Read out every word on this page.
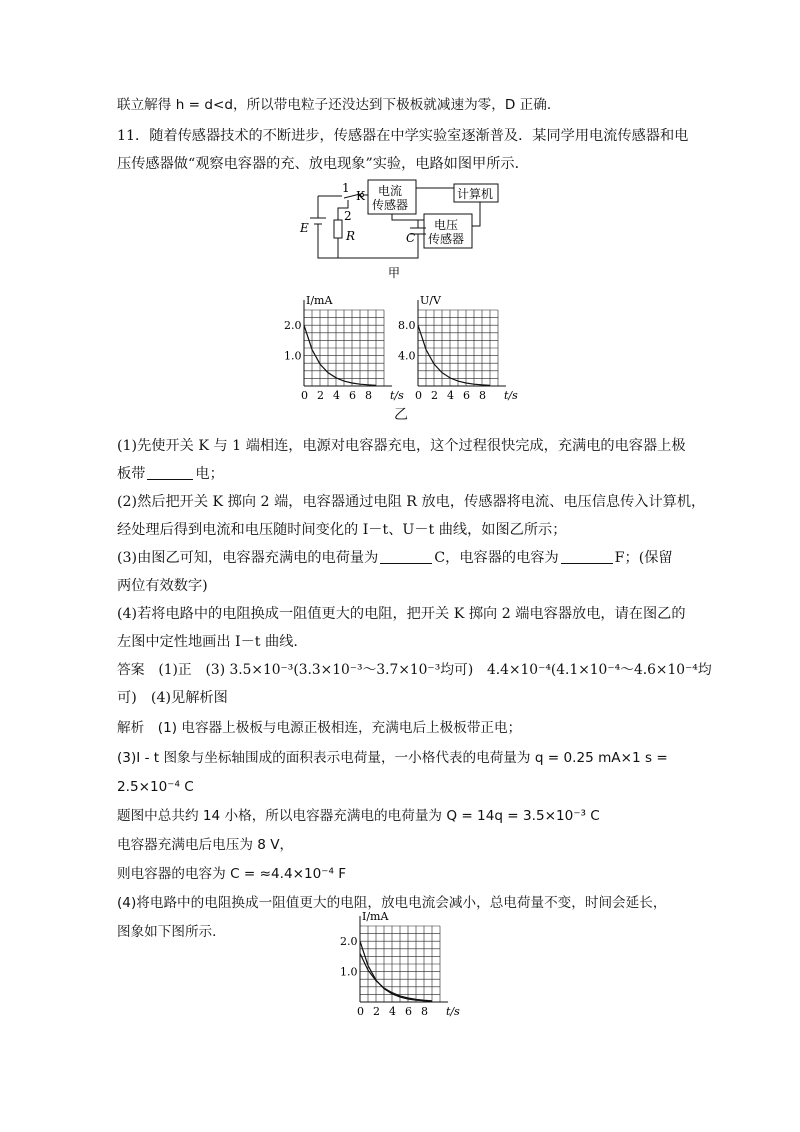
联立解得 h = d<d，所以带电粒子还没达到下极板就减速为零，D 正确．
11．随着传感器技术的不断进步，传感器在中学实验室逐渐普及．某同学用电流传感器和电
压传感器做“观察电容器的充、放电现象”实验，电路如图甲所示．
1
K
2
E
R	C
电流
传感器
电压
传感器
计算机
甲
I/mA
t/s
0 2 4 6 8
1.0
2.0
U/V
t/s
0 2 4 6 8
4.0
8.0
乙
(1)先使开关 K 与 1 端相连，电源对电容器充电，这个过程很快完成，充满电的电容器上极
板带	电；
(2)然后把开关 K 掷向 2 端，电容器通过电阻 R 放电，传感器将电流、电压信息传入计算机，
经处理后得到电流和电压随时间变化的 I－t、U－t 曲线，如图乙所示；
(3)由图乙可知，电容器充满电的电荷量为	C，电容器的电容为	F；(保留
两位有效数字)
(4)若将电路中的电阻换成一阻值更大的电阻，把开关 K 掷向 2 端电容器放电，请在图乙的
左图中定性地画出 I－t 曲线.
答案　(1)正　(3) 3.5×10⁻³(3.3×10⁻³～3.7×10⁻³均可)　4.4×10⁻⁴(4.1×10⁻⁴～4.6×10⁻⁴均
可)　(4)见解析图
解析　(1) 电容器上极板与电源正极相连，充满电后上极板带正电；
(3)I - t 图象与坐标轴围成的面积表示电荷量，一小格代表的电荷量为 q = 0.25 mA×1 s =
2.5×10⁻⁴ C
题图中总共约 14 小格，所以电容器充满电的电荷量为 Q = 14q = 3.5×10⁻³ C
电容器充满电后电压为 8 V，
则电容器的电容为 C = ≈4.4×10⁻⁴ F
(4)将电路中的电阻换成一阻值更大的电阻，放电电流会减小，总电荷量不变，时间会延长，
图象如下图所示．
I/mA
t/s
0 2 4 6 8
1.0
2.0
